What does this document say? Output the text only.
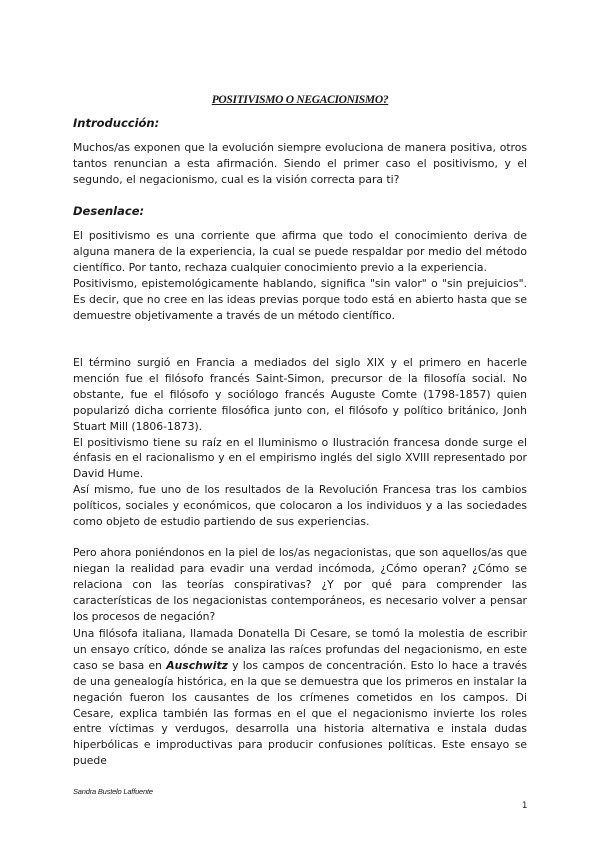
POSITIVISMO O NEGACIONISMO?
Introducción:

Muchos/as exponen que la evolución siempre evoluciona de manera positiva, otros tantos renuncian a esta afirmación. Siendo el primer caso el positivismo, y el segundo, el negacionismo, cual es la visión correcta para ti?

Desenlace:

El positivismo es una corriente que afirma que todo el conocimiento deriva de alguna manera de la experiencia, la cual se puede respaldar por medio del método científico. Por tanto, rechaza cualquier conocimiento previo a la experiencia.

Positivismo, epistemológicamente hablando, significa "sin valor" o "sin prejuicios". Es decir, que no cree en las ideas previas porque todo está en abierto hasta que se demuestre objetivamente a través de un método científico.

El término surgió en Francia a mediados del siglo XIX y el primero en hacerle mención fue el filósofo francés Saint-Simon, precursor de la filosofía social. No obstante, fue el filósofo y sociólogo francés Auguste Comte (1798-1857) quien popularizó dicha corriente filosófica junto con, el filósofo y político británico, Jonh Stuart Mill (1806-1873).

El positivismo tiene su raíz en el Iluminismo o Ilustración francesa donde surge el énfasis en el racionalismo y en el empirismo inglés del siglo XVIII representado por David Hume.

Así mismo, fue uno de los resultados de la Revolución Francesa tras los cambios políticos, sociales y económicos, que colocaron a los individuos y a las sociedades como objeto de estudio partiendo de sus experiencias.

Pero ahora poniéndonos en la piel de los/as negacionistas, que son aquellos/as que niegan la realidad para evadir una verdad incómoda, ¿Cómo operan? ¿Cómo se relaciona con las teorías conspirativas? ¿Y por qué para comprender las características de los negacionistas contemporáneos, es necesario volver a pensar los procesos de negación?

Una filósofa italiana, llamada Donatella Di Cesare, se tomó la molestia de escribir un ensayo crítico, dónde se analiza las raíces profundas del negacionismo, en este caso se basa en Auschwitz y los campos de concentración. Esto lo hace a través de una genealogía histórica, en la que se demuestra que los primeros en instalar la negación fueron los causantes de los crímenes cometidos en los campos. Di Cesare, explica también las formas en el que el negacionismo invierte los roles entre víctimas y verdugos, desarrolla una historia alternativa e instala dudas hiperbólicas e improductivas para producir confusiones políticas. Este ensayo se puede

Sandra Bustelo Laffuente
1
